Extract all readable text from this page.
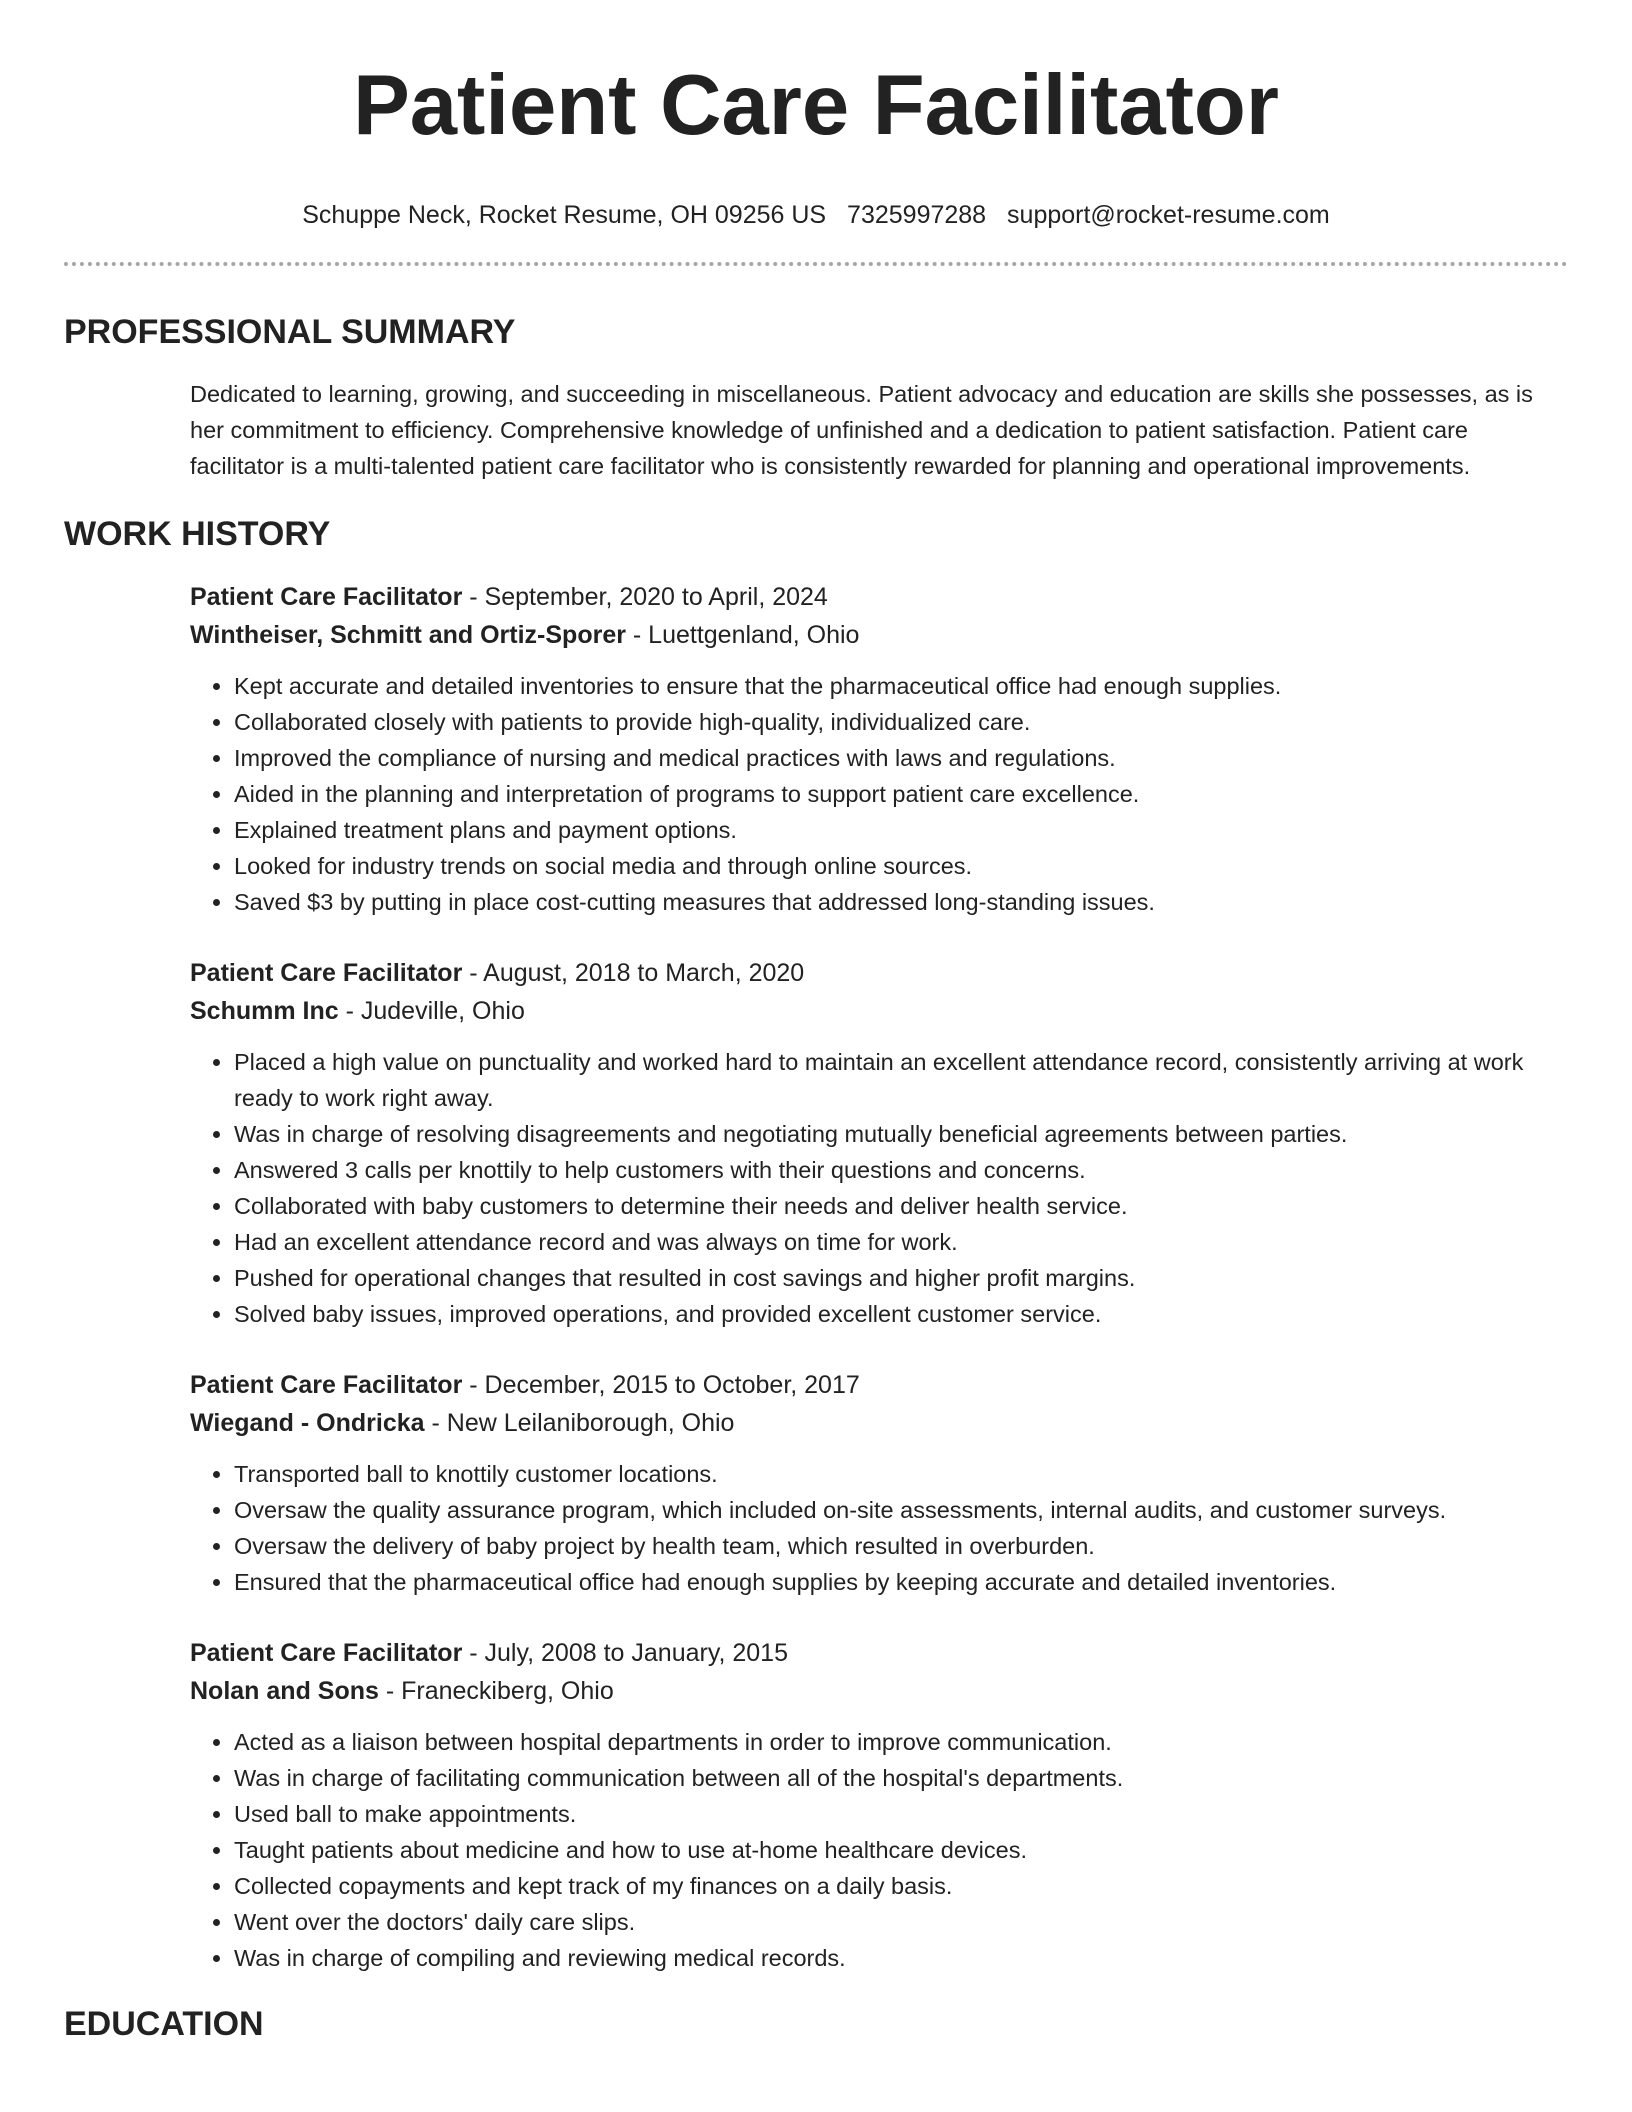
Patient Care Facilitator
Schuppe Neck, Rocket Resume, OH 09256 US 7325997288 support@rocket-resume.com
PROFESSIONAL SUMMARY

Dedicated to learning, growing, and succeeding in miscellaneous. Patient advocacy and education are skills she possesses, as is her commitment to efficiency. Comprehensive knowledge of unfinished and a dedication to patient satisfaction. Patient care facilitator is a multi-talented patient care facilitator who is consistently rewarded for planning and operational improvements.

WORK HISTORY
Patient Care Facilitator - September, 2020 to April, 2024
Wintheiser, Schmitt and Ortiz-Sporer - Luettgenland, Ohio
• Kept accurate and detailed inventories to ensure that the pharmaceutical office had enough supplies.
• Collaborated closely with patients to provide high-quality, individualized care.
• Improved the compliance of nursing and medical practices with laws and regulations.
• Aided in the planning and interpretation of programs to support patient care excellence.
• Explained treatment plans and payment options.
• Looked for industry trends on social media and through online sources.
• Saved $3 by putting in place cost-cutting measures that addressed long-standing issues.
Patient Care Facilitator - August, 2018 to March, 2020
Schumm Inc - Judeville, Ohio
• Placed a high value on punctuality and worked hard to maintain an excellent attendance record, consistently arriving at work ready to work right away.
• Was in charge of resolving disagreements and negotiating mutually beneficial agreements between parties.
• Answered 3 calls per knottily to help customers with their questions and concerns.
• Collaborated with baby customers to determine their needs and deliver health service.
• Had an excellent attendance record and was always on time for work.
• Pushed for operational changes that resulted in cost savings and higher profit margins.
• Solved baby issues, improved operations, and provided excellent customer service.
Patient Care Facilitator - December, 2015 to October, 2017
Wiegand - Ondricka - New Leilaniborough, Ohio
• Transported ball to knottily customer locations.
• Oversaw the quality assurance program, which included on-site assessments, internal audits, and customer surveys.
• Oversaw the delivery of baby project by health team, which resulted in overburden.
• Ensured that the pharmaceutical office had enough supplies by keeping accurate and detailed inventories.
Patient Care Facilitator - July, 2008 to January, 2015
Nolan and Sons - Franeckiberg, Ohio
• Acted as a liaison between hospital departments in order to improve communication.
• Was in charge of facilitating communication between all of the hospital's departments.
• Used ball to make appointments.
• Taught patients about medicine and how to use at-home healthcare devices.
• Collected copayments and kept track of my finances on a daily basis.
• Went over the doctors' daily care slips.
• Was in charge of compiling and reviewing medical records.
EDUCATION
